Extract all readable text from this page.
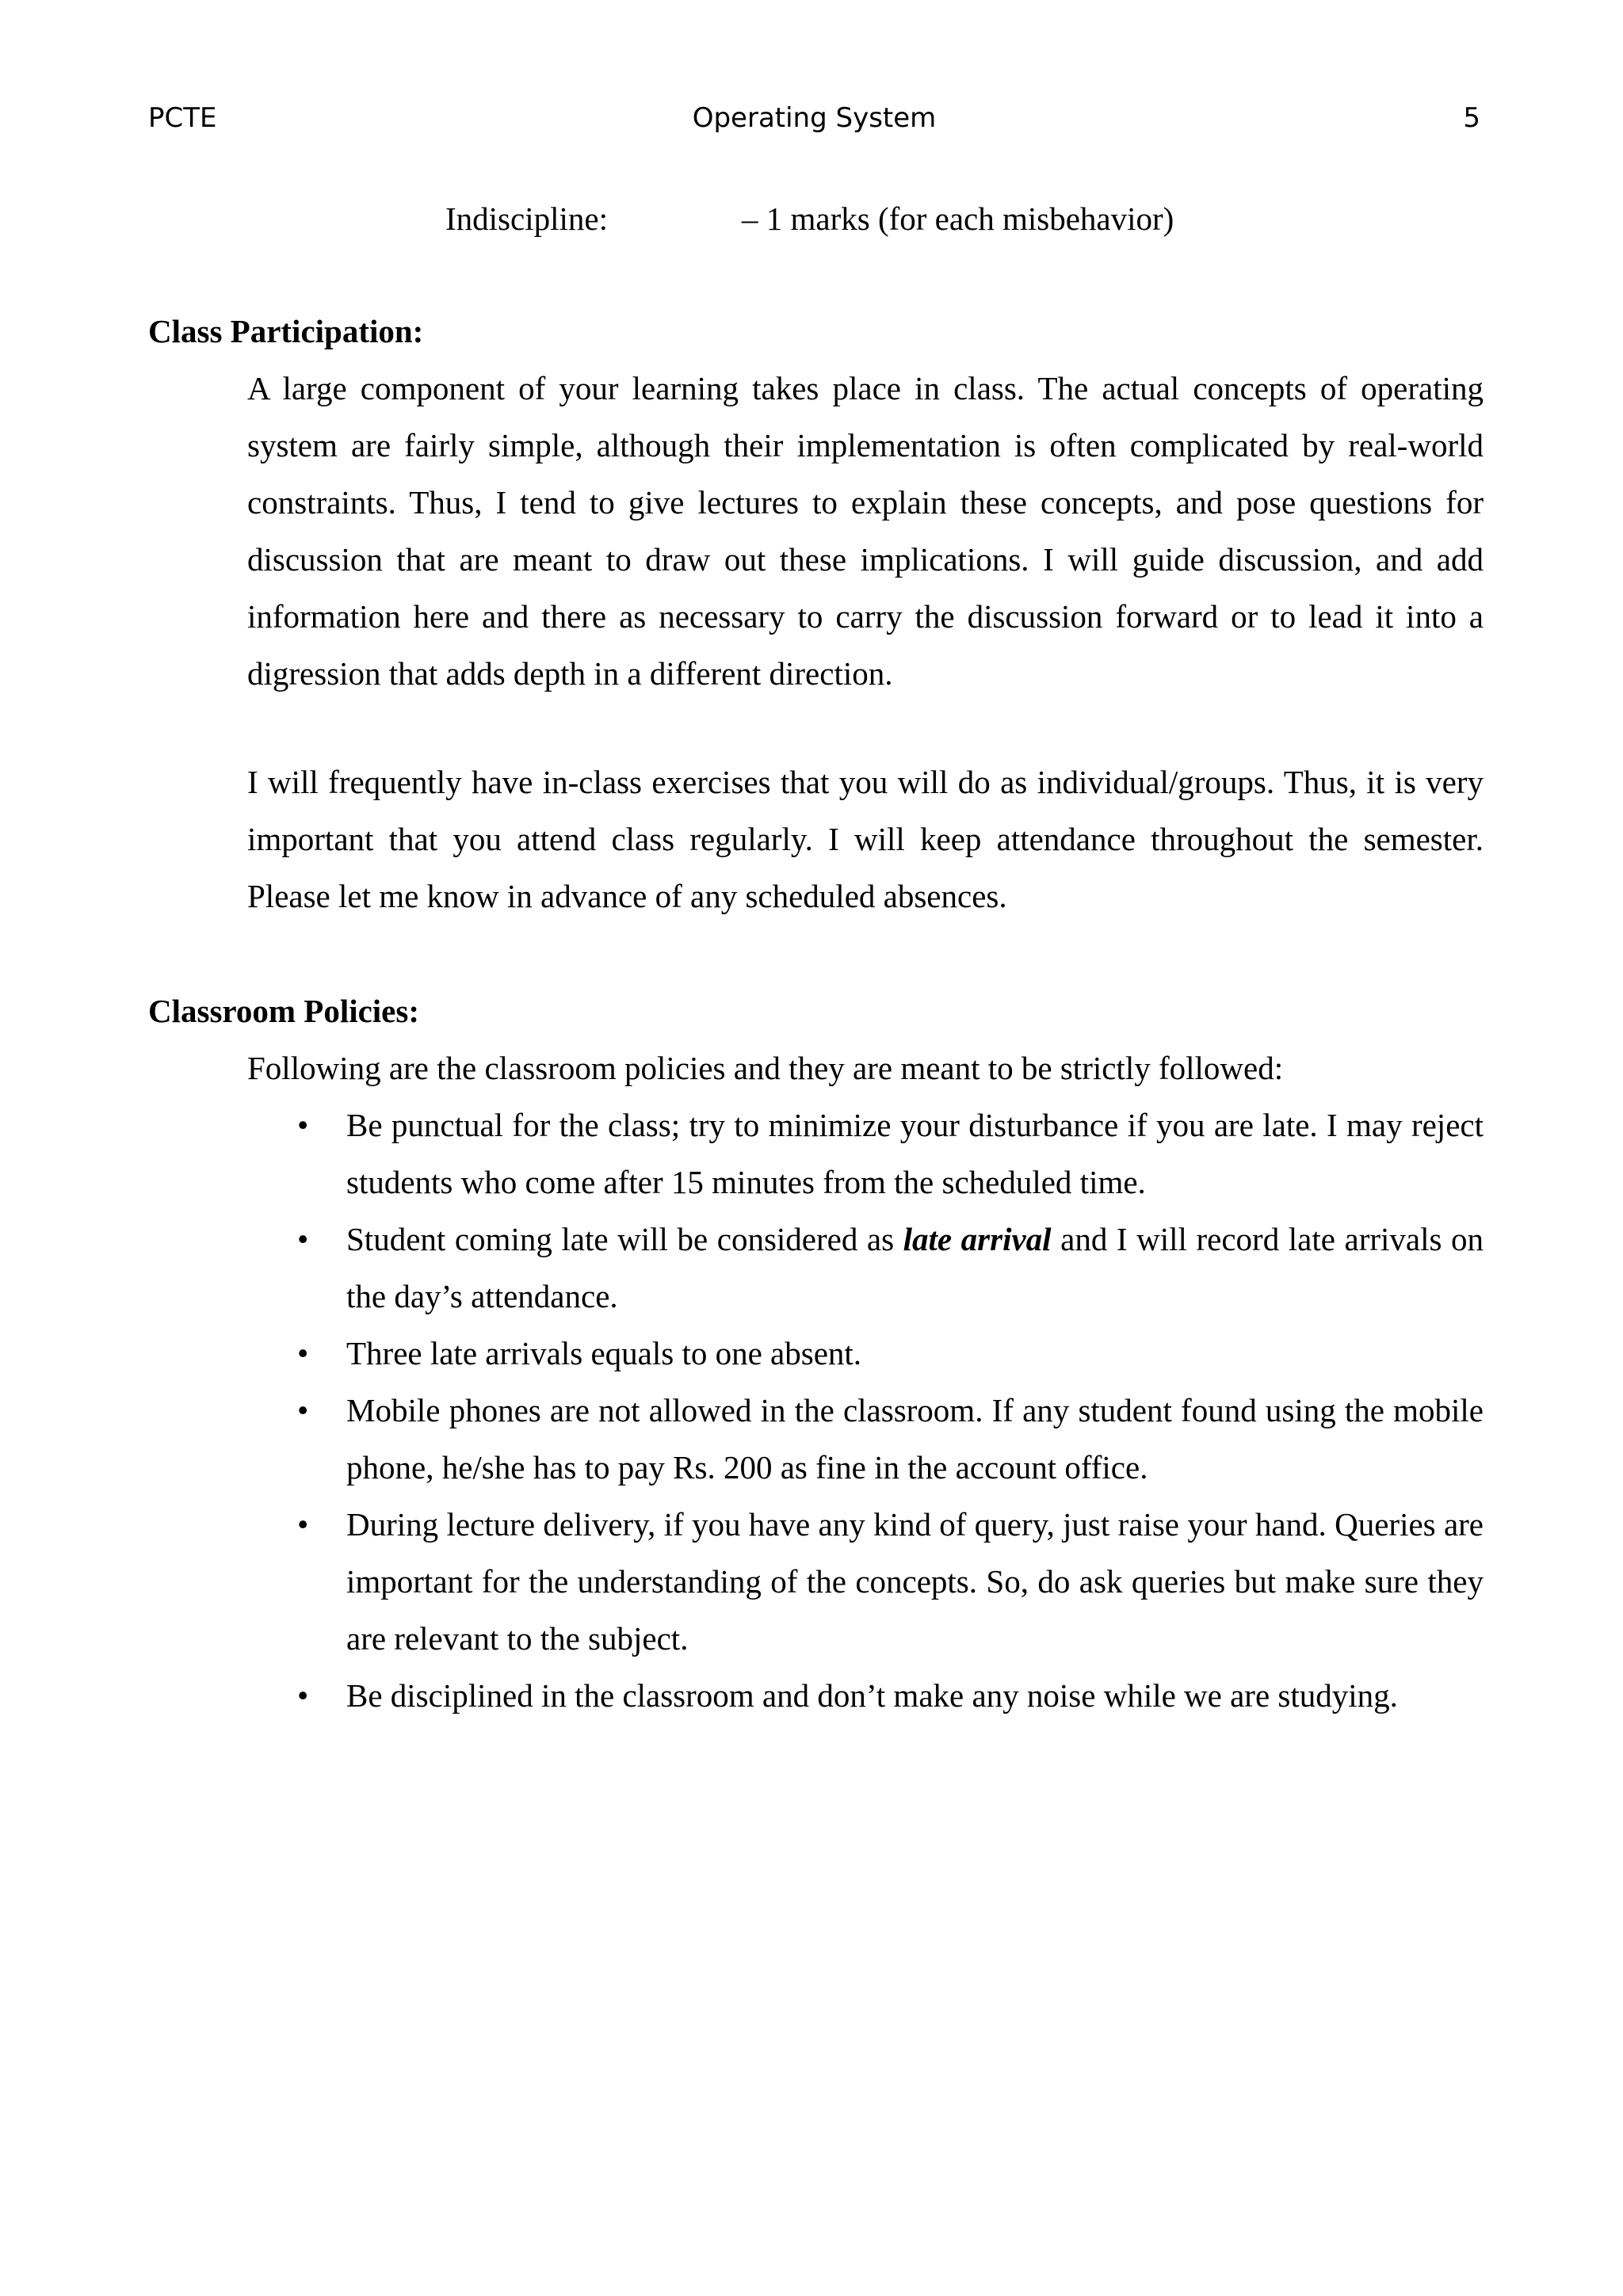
PCTE	Operating System	5
Indiscipline:	– 1 marks (for each misbehavior)
Class Participation:

A large component of your learning takes place in class. The actual concepts of operating system are fairly simple, although their implementation is often complicated by real-world constraints. Thus, I tend to give lectures to explain these concepts, and pose questions for discussion that are meant to draw out these implications. I will guide discussion, and add information here and there as necessary to carry the discussion forward or to lead it into a digression that adds depth in a different direction.

I will frequently have in-class exercises that you will do as individual/groups. Thus, it is very important that you attend class regularly. I will keep attendance throughout the semester. Please let me know in advance of any scheduled absences.

Classroom Policies:

Following are the classroom policies and they are meant to be strictly followed:

• Be punctual for the class; try to minimize your disturbance if you are late. I may reject students who come after 15 minutes from the scheduled time.
• Student coming late will be considered as late arrival and I will record late arrivals on the day’s attendance.
• Three late arrivals equals to one absent.
• Mobile phones are not allowed in the classroom. If any student found using the mobile phone, he/she has to pay Rs. 200 as fine in the account office.
• During lecture delivery, if you have any kind of query, just raise your hand. Queries are important for the understanding of the concepts. So, do ask queries but make sure they are relevant to the subject.
• Be disciplined in the classroom and don’t make any noise while we are studying.
